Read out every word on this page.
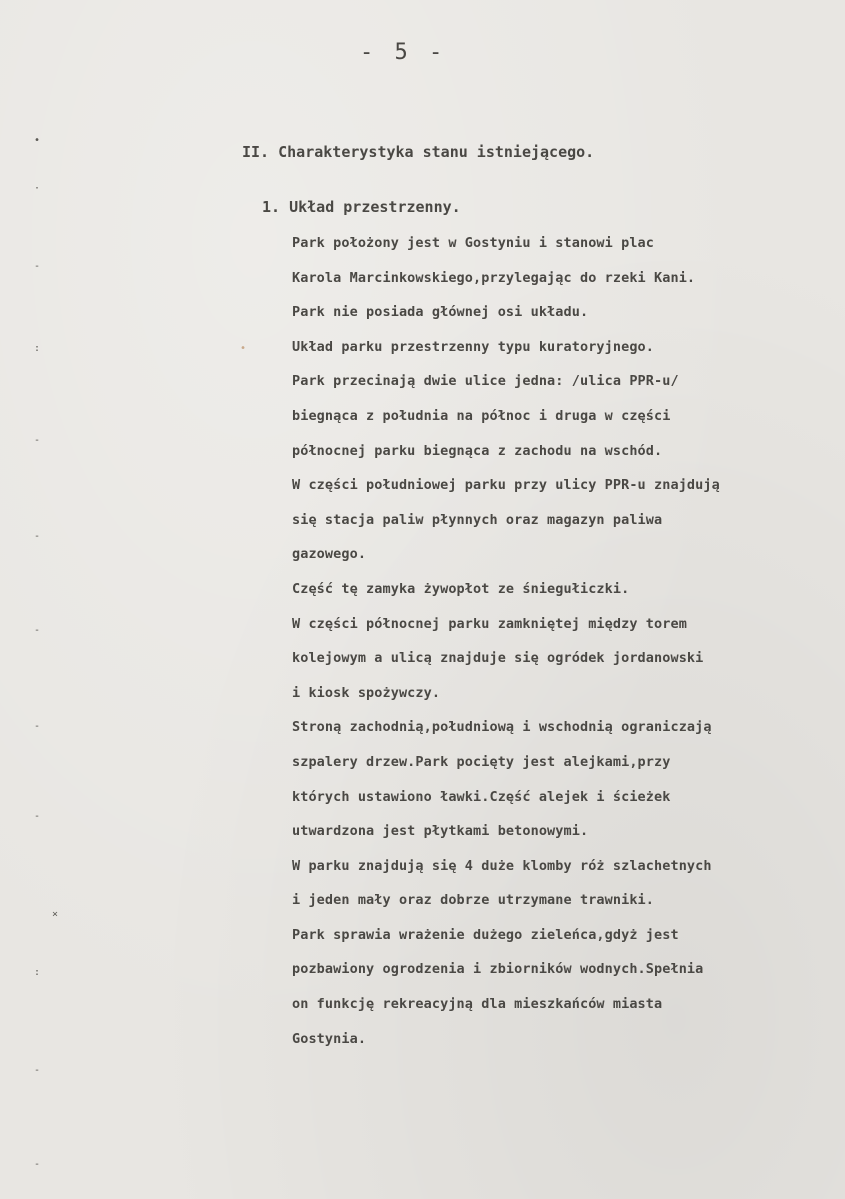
- 5 -
II. Charakterystyka stanu istniejącego.
1. Układ przestrzenny.
Park położony jest w Gostyniu i stanowi plac
Karola Marcinkowskiego,przylegając do rzeki Kani.
Park nie posiada głównej osi układu.
Układ parku przestrzenny typu kuratoryjnego.
Park przecinają dwie ulice jedna: /ulica PPR-u/
biegnąca z południa na północ i druga w części
północnej parku biegnąca z zachodu na wschód.
W części południowej parku przy ulicy PPR-u znajdują
się stacja paliw płynnych oraz magazyn paliwa
gazowego.
Część tę zamyka żywopłot ze śniegułiczki.
W części północnej parku zamkniętej między torem
kolejowym a ulicą znajduje się ogródek jordanowski
i kiosk spożywczy.
Stroną zachodnią,południową i wschodnią ograniczają
szpalery drzew.Park pocięty jest alejkami,przy
których ustawiono ławki.Część alejek i ścieżek
utwardzona jest płytkami betonowymi.
W parku znajdują się 4 duże klomby róż szlachetnych
i jeden mały oraz dobrze utrzymane trawniki.
Park sprawia wrażenie dużego zieleńca,gdyż jest
pozbawiony ogrodzenia i zbiorników wodnych.Spełnia
on funkcję rekreacyjną dla mieszkańców miasta
Gostynia.
•
·
-
:
-
-
-
-
-
×
:
-
-
•
